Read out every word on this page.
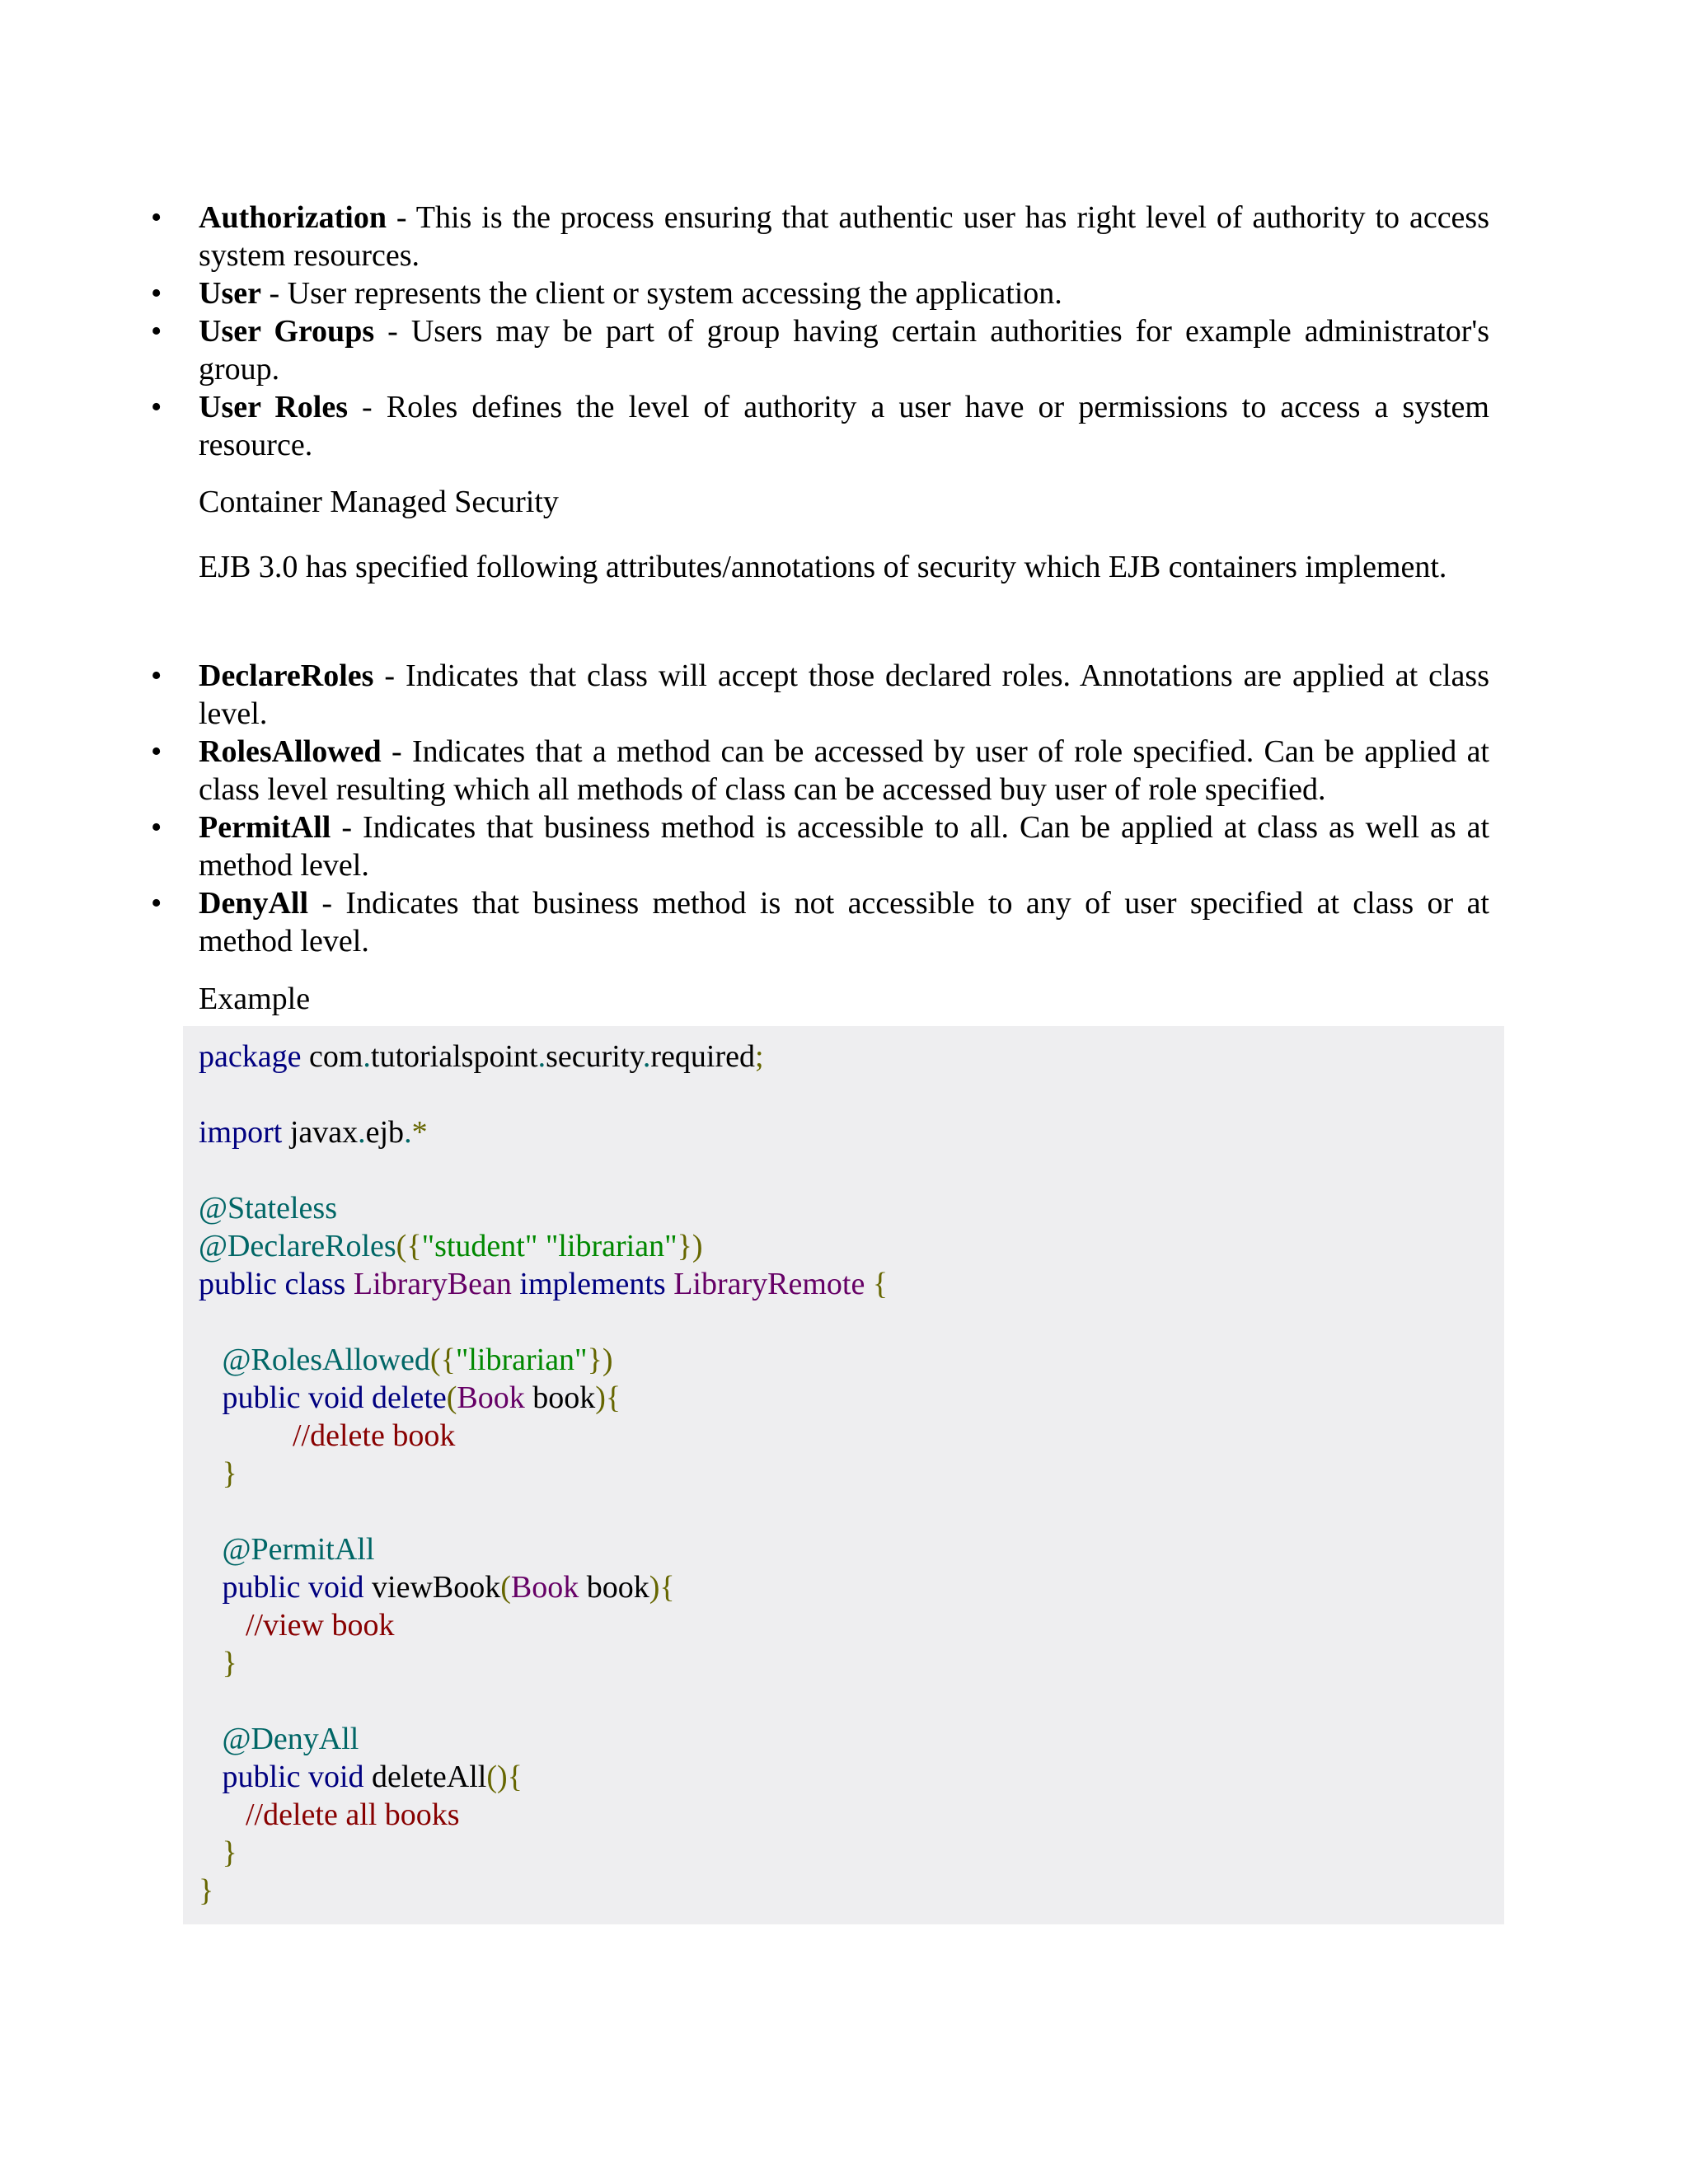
• Authorization - This is the process ensuring that authentic user has right level of authority to access system resources.
• User - User represents the client or system accessing the application.
• User Groups - Users may be part of group having certain authorities for example administrator's group.
• User Roles - Roles defines the level of authority a user have or permissions to access a system resource.
Container Managed Security
EJB 3.0 has specified following attributes/annotations of security which EJB containers implement.
• DeclareRoles - Indicates that class will accept those declared roles. Annotations are applied at class level.
• RolesAllowed - Indicates that a method can be accessed by user of role specified. Can be applied at class level resulting which all methods of class can be accessed buy user of role specified.
• PermitAll - Indicates that business method is accessible to all. Can be applied at class as well as at method level.
• DenyAll - Indicates that business method is not accessible to any of user specified at class or at method level.
Example
package com.tutorialspoint.security.required;
import javax.ejb.*
@Stateless
@DeclareRoles({"student" "librarian"})
public class LibraryBean implements LibraryRemote {
@RolesAllowed({"librarian"})
public void delete(Book book){
//delete book
}
@PermitAll
public void viewBook(Book book){
//view book
}
@DenyAll
public void deleteAll(){
//delete all books
}
}
